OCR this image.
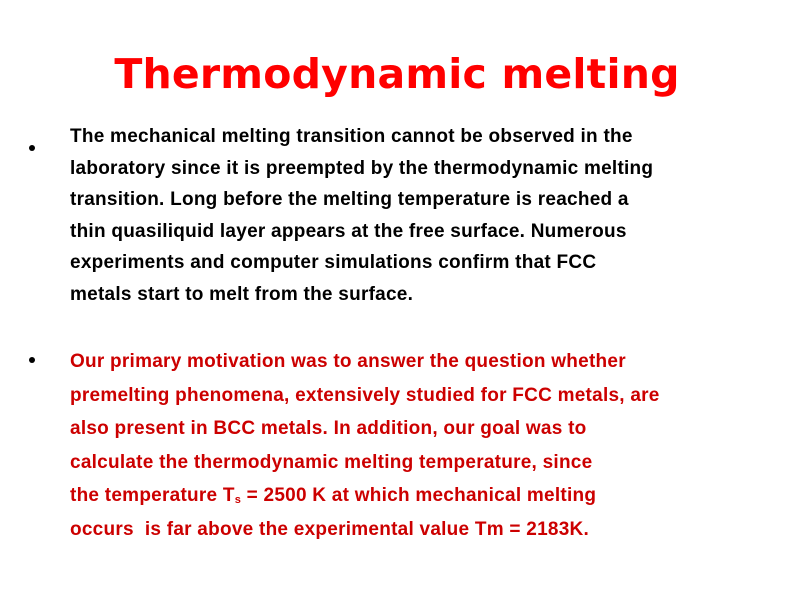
Thermodynamic melting
The mechanical melting transition cannot be observed in the
laboratory since it is preempted by the thermodynamic melting
transition. Long before the melting temperature is reached a
thin quasiliquid layer appears at the free surface. Numerous
experiments and computer simulations confirm that FCC
metals start to melt from the surface.
Our primary motivation was to answer the question whether
premelting phenomena, extensively studied for FCC metals, are
also present in BCC metals. In addition, our goal was to
calculate the thermodynamic melting temperature, since
the temperature Ts = 2500 K at which mechanical melting
occurs  is far above the experimental value Tm = 2183K.
